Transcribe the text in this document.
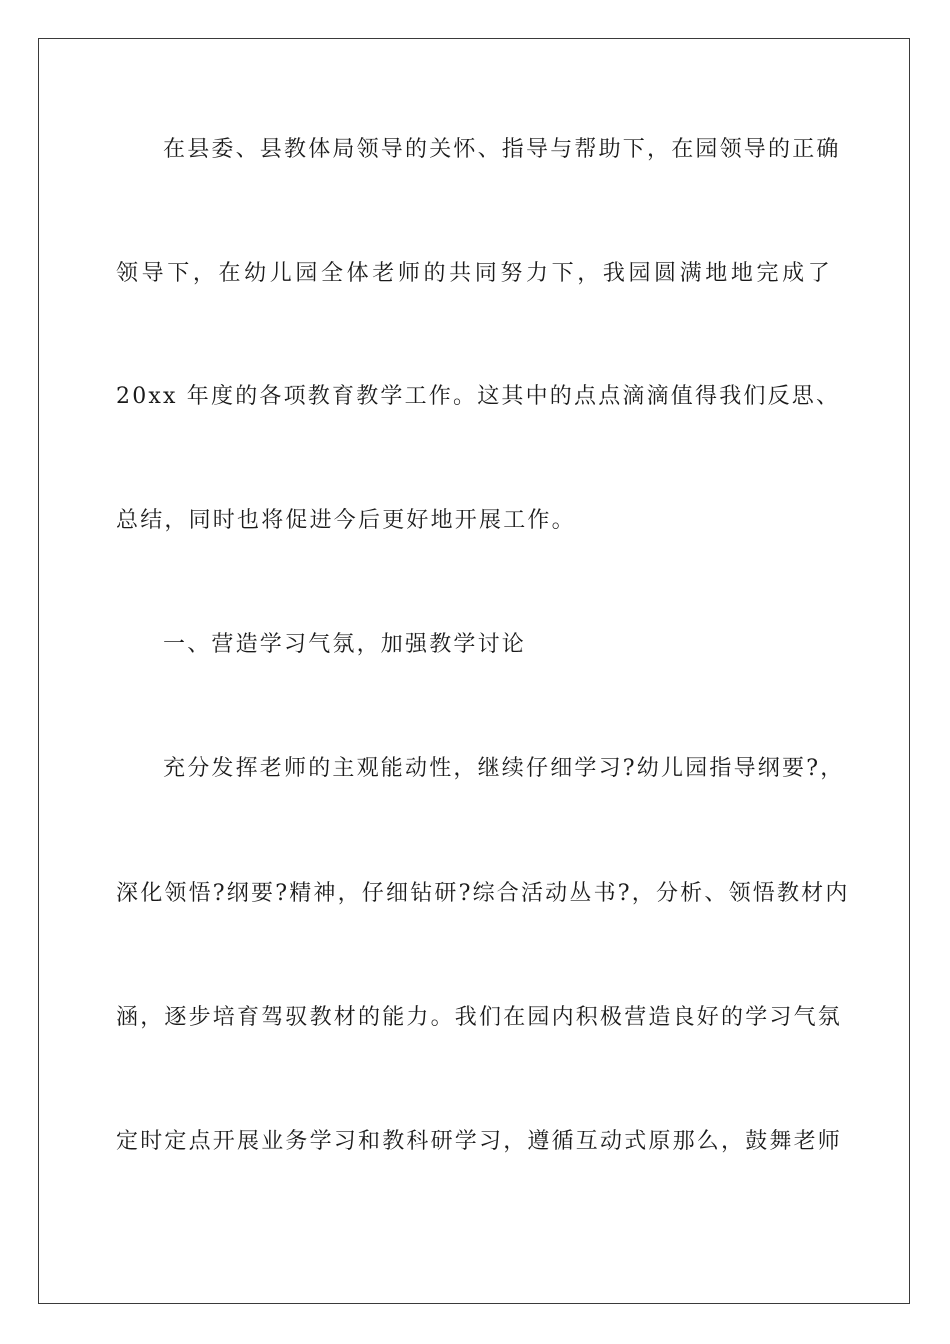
在县委、县教体局领导的关怀、指导与帮助下，在园领导的正确
领导下，在幼儿园全体老师的共同努力下，我园圆满地地完成了
20xx 年度的各项教育教学工作。这其中的点点滴滴值得我们反思、
总结，同时也将促进今后更好地开展工作。
一、营造学习气氛，加强教学讨论
充分发挥老师的主观能动性，继续仔细学习?幼儿园指导纲要?，
深化领悟?纲要?精神，仔细钻研?综合活动丛书?，分析、领悟教材内
涵，逐步培育驾驭教材的能力。我们在园内积极营造良好的学习气氛
定时定点开展业务学习和教科研学习，遵循互动式原那么，鼓舞老师
